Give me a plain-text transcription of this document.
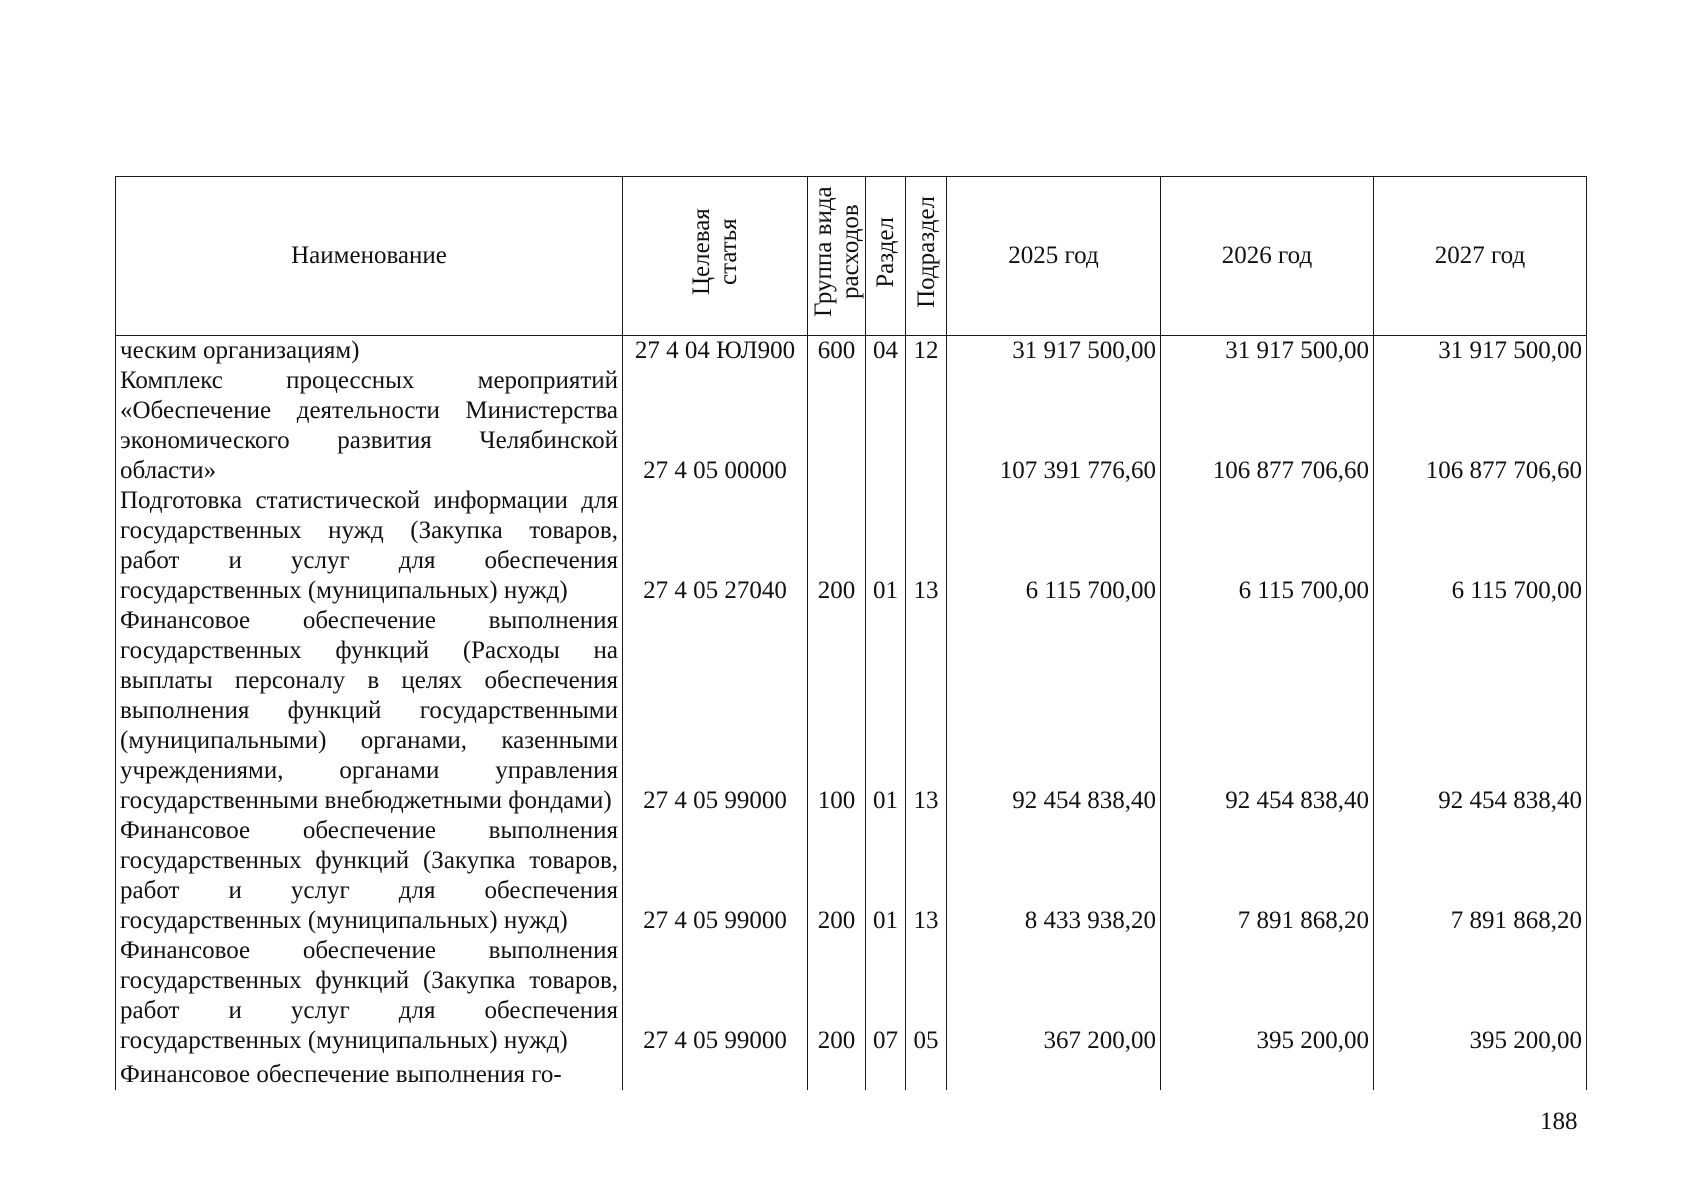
Наименование	Целевая статья	Группа вида расходов	Раздел	Подраздел	2025 год	2026 год	2027 год
ческим организациям)	27 4 04 ЮЛ900	600	04	12	31 917 500,00	31 917 500,00	31 917 500,00
Комплекс процессных мероприятий «Обеспечение деятельности Министерства экономического развития Челябинской области»	27 4 05 00000				107 391 776,60	106 877 706,60	106 877 706,60
Подготовка статистической информации для государственных нужд (Закупка товаров, работ и услуг для обеспечения государственных (муниципальных) нужд)	27 4 05 27040	200	01	13	6 115 700,00	6 115 700,00	6 115 700,00
Финансовое обеспечение выполнения государственных функций (Расходы на выплаты персоналу в целях обеспечения выполнения функций государственными (муниципальными) органами, казенными учреждениями, органами управления государственными внебюджетными фондами)	27 4 05 99000	100	01	13	92 454 838,40	92 454 838,40	92 454 838,40
Финансовое обеспечение выполнения государственных функций (Закупка товаров, работ и услуг для обеспечения государственных (муниципальных) нужд)	27 4 05 99000	200	01	13	8 433 938,20	7 891 868,20	7 891 868,20
Финансовое обеспечение выполнения государственных функций (Закупка товаров, работ и услуг для обеспечения государственных (муниципальных) нужд)	27 4 05 99000	200	07	05	367 200,00	395 200,00	395 200,00
Финансовое обеспечение выполнения го-							
188
